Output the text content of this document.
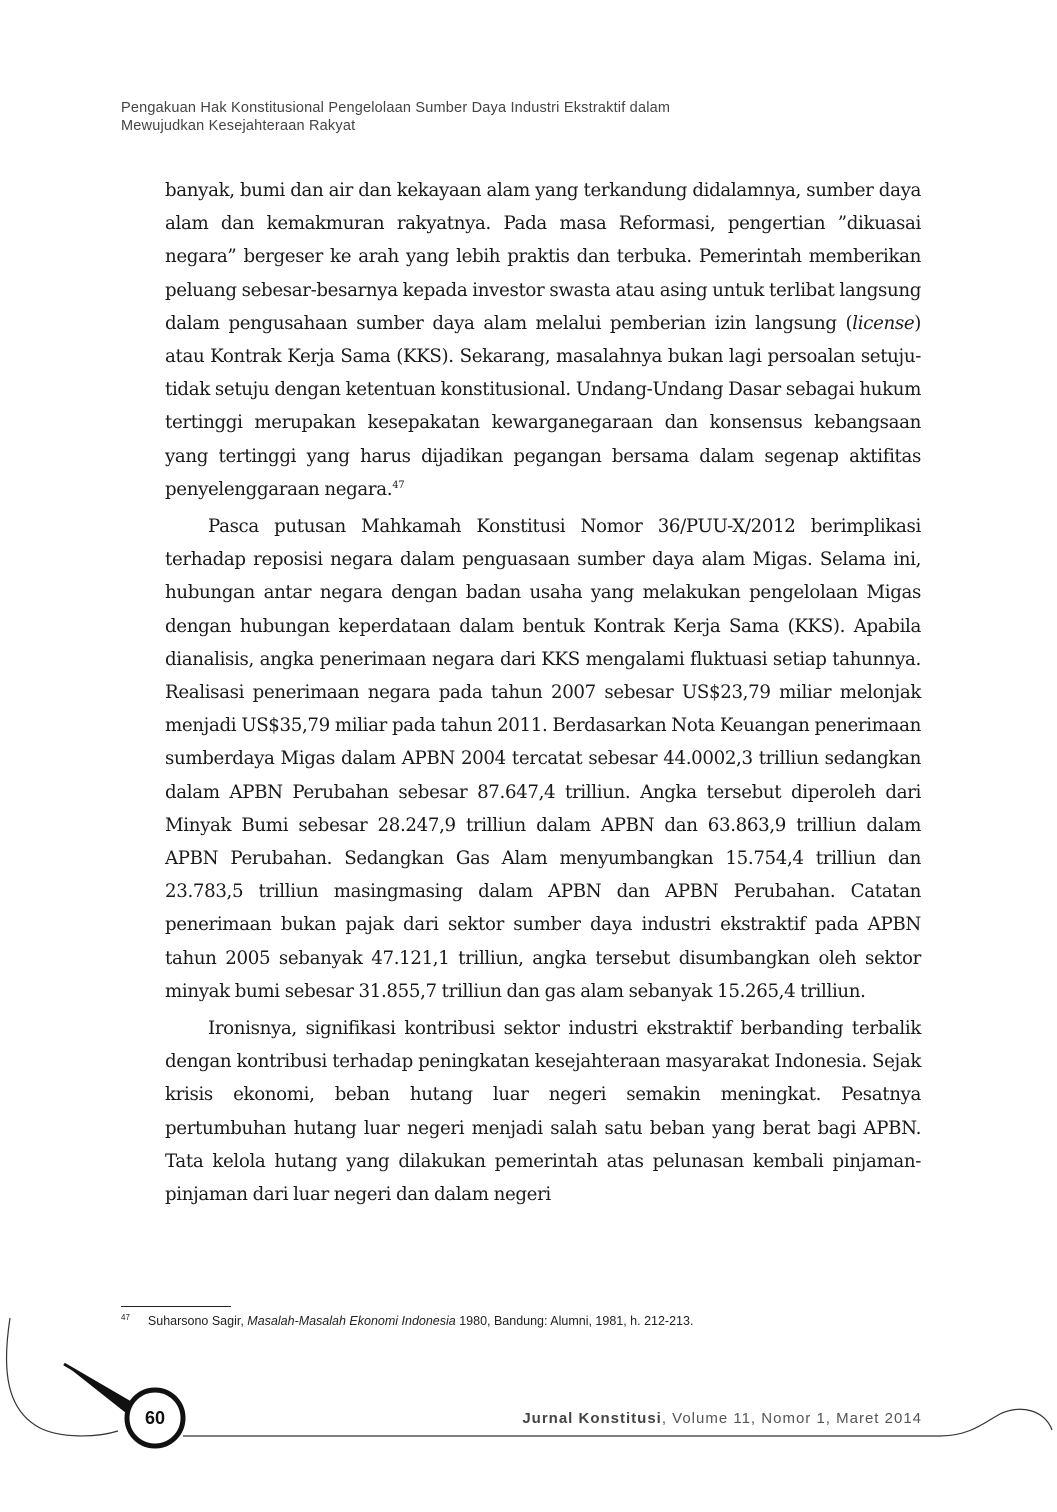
Pengakuan Hak Konstitusional Pengelolaan Sumber Daya Industri Ekstraktif dalam
Mewujudkan Kesejahteraan Rakyat

banyak, bumi dan air dan kekayaan alam yang terkandung didalamnya, sumber daya alam dan kemakmuran rakyatnya. Pada masa Reformasi, pengertian ”dikuasai negara” bergeser ke arah yang lebih praktis dan terbuka. Pemerintah memberikan peluang sebesar-besarnya kepada investor swasta atau asing untuk terlibat langsung dalam pengusahaan sumber daya alam melalui pemberian izin langsung (license) atau Kontrak Kerja Sama (KKS). Sekarang, masalahnya bukan lagi persoalan setuju-tidak setuju dengan ketentuan konstitusional. Undang-Undang Dasar sebagai hukum tertinggi merupakan kesepakatan kewarganegaraan dan konsensus kebangsaan yang tertinggi yang harus dijadikan pegangan bersama dalam segenap aktifitas penyelenggaraan negara.$^{47}$

Pasca putusan Mahkamah Konstitusi Nomor 36/PUU-X/2012 berimplikasi terhadap reposisi negara dalam penguasaan sumber daya alam Migas. Selama ini, hubungan antar negara dengan badan usaha yang melakukan pengelolaan Migas dengan hubungan keperdataan dalam bentuk Kontrak Kerja Sama (KKS). Apabila dianalisis, angka penerimaan negara dari KKS mengalami fluktuasi setiap tahunnya. Realisasi penerimaan negara pada tahun 2007 sebesar US$23,79 miliar melonjak menjadi US$35,79 miliar pada tahun 2011. Berdasarkan Nota Keuangan penerimaan sumberdaya Migas dalam APBN 2004 tercatat sebesar 44.0002,3 trilliun sedangkan dalam APBN Perubahan sebesar 87.647,4 trilliun. Angka tersebut diperoleh dari Minyak Bumi sebesar 28.247,9 trilliun dalam APBN dan 63.863,9 trilliun dalam APBN Perubahan. Sedangkan Gas Alam menyumbangkan 15.754,4 trilliun dan 23.783,5 trilliun masingmasing dalam APBN dan APBN Perubahan. Catatan penerimaan bukan pajak dari sektor sumber daya industri ekstraktif pada APBN tahun 2005 sebanyak 47.121,1 trilliun, angka tersebut disumbangkan oleh sektor minyak bumi sebesar 31.855,7 trilliun dan gas alam sebanyak 15.265,4 trilliun.

Ironisnya, signifikasi kontribusi sektor industri ekstraktif berbanding terbalik dengan kontribusi terhadap peningkatan kesejahteraan masyarakat Indonesia. Sejak krisis ekonomi, beban hutang luar negeri semakin meningkat. Pesatnya pertumbuhan hutang luar negeri menjadi salah satu beban yang berat bagi APBN. Tata kelola hutang yang dilakukan pemerintah atas pelunasan kembali pinjaman-pinjaman dari luar negeri dan dalam negeri

$^{47}$ Suharsono Sagir, Masalah-Masalah Ekonomi Indonesia 1980, Bandung: Alumni, 1981, h. 212-213.
60	Jurnal Konstitusi, Volume 11, Nomor 1, Maret 2014
